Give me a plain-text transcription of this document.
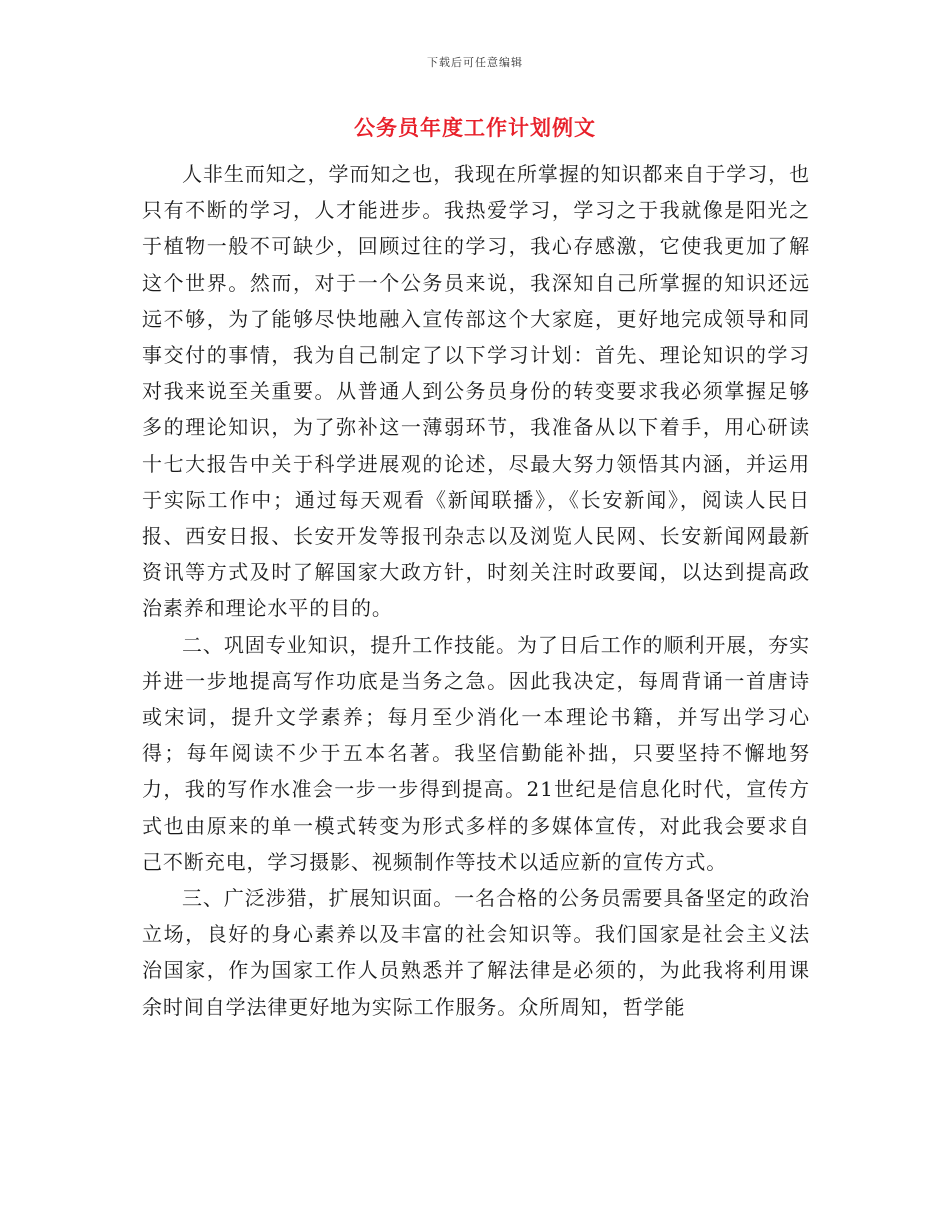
下载后可任意编辑
公务员年度工作计划例文

人非生而知之，学而知之也，我现在所掌握的知识都来自于学习，也只有不断的学习，人才能进步。我热爱学习，学习之于我就像是阳光之于植物一般不可缺少，回顾过往的学习，我心存感激，它使我更加了解这个世界。然而，对于一个公务员来说，我深知自己所掌握的知识还远远不够，为了能够尽快地融入宣传部这个大家庭，更好地完成领导和同事交付的事情，我为自己制定了以下学习计划：首先、理论知识的学习对我来说至关重要。从普通人到公务员身份的转变要求我必须掌握足够多的理论知识，为了弥补这一薄弱环节，我准备从以下着手，用心研读十七大报告中关于科学进展观的论述，尽最大努力领悟其内涵，并运用于实际工作中；通过每天观看《新闻联播》，《长安新闻》，阅读人民日报、西安日报、长安开发等报刊杂志以及浏览人民网、长安新闻网最新资讯等方式及时了解国家大政方针，时刻关注时政要闻，以达到提高政治素养和理论水平的目的。

二、巩固专业知识，提升工作技能。为了日后工作的顺利开展，夯实并进一步地提高写作功底是当务之急。因此我决定，每周背诵一首唐诗或宋词，提升文学素养；每月至少消化一本理论书籍，并写出学习心得；每年阅读不少于五本名著。我坚信勤能补拙，只要坚持不懈地努力，我的写作水准会一步一步得到提高。21世纪是信息化时代，宣传方式也由原来的单一模式转变为形式多样的多媒体宣传，对此我会要求自己不断充电，学习摄影、视频制作等技术以适应新的宣传方式。

三、广泛涉猎，扩展知识面。一名合格的公务员需要具备坚定的政治立场，良好的身心素养以及丰富的社会知识等。我们国家是社会主义法治国家，作为国家工作人员熟悉并了解法律是必须的，为此我将利用课余时间自学法律更好地为实际工作服务。众所周知，哲学能
